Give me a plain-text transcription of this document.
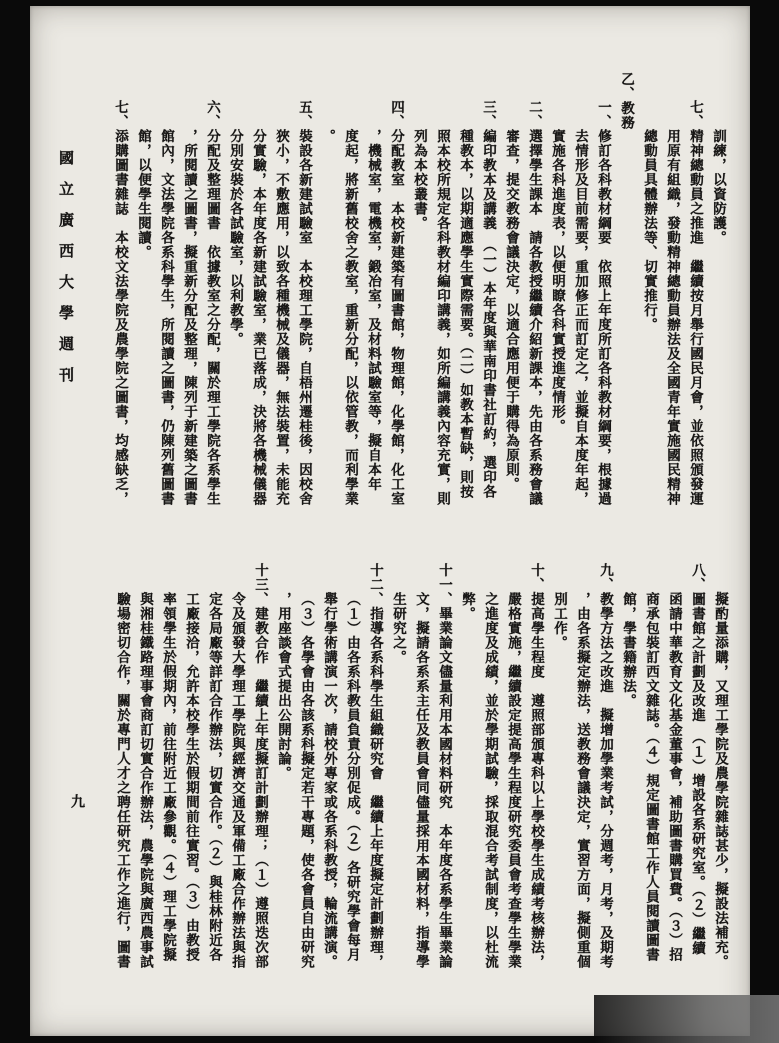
國立廣西大學週刊	訓練，以資防護。
七、精神總動員之推進　繼續按月舉行國民月會，並依照頒發運
用原有組織，發動精神總動員辦法及全國青年實施國民精神
總動員具體辦法等、切實推行。
乙、教務
一、修訂各科教材綱要　依照上年度所訂各科教材綱要，根據過
去情形及目前需要，重加修正而訂定之，並擬自本度年起，
實施各科進度表，以便明瞭各科實授進度情形。
二、選擇學生課本　請各教授繼續介紹新課本，先由各系務會議
審查，提交教務會議決定，以適合應用便于購得為原則。
三、編印教本及講義　（一）本年度與華南印書社訂約，選印各
種教本，以期適應學生實際需要。（二）如教本暫缺，則按
照本校所規定各科教材編印講義，如所編講義內容充實，則
列為本校叢書。
四、分配教室　本校新建築有圖書館，物理館，化學館，化工室
，機械室，電機室，鍛冶室，及材料試驗室等，擬自本年
度起，將新舊校舍之教室，重新分配，以依管教，而利學業
。
五、裝設各新建試驗室　本校理工學院，自梧州遷桂後，因校舍
狹小，不敷應用，以致各種機械及儀器，無法裝置，未能充
分實驗，本年度各新建試驗室，業已落成，決將各機械儀器
分別安裝於各試驗室，以利教學。
六、分配及整理圖書　依據教室之分配，關於理工學院各系學生
，所閱讀之圖書，擬重新分配及整理，陳列于新建築之圖書
館內，文法學院各系科學生，所閱讀之圖書，仍陳列舊圖書
館，以便學生閱讀。
七、添購圖書雜誌　本校文法學院及農學院之圖書，均感缺乏，
擬酌量添購，又理工學院及農學院雜誌甚少，擬設法補充。
八、圖書館之計劃及改進　（１）增設各系研究室。（２）繼續
函請中華教育文化基金董事會，補助圖書購買費。（３）招
商承包裝訂西文雜誌。（４）規定圖書館工作人員閱讀圖書
館，學書籍辦法。
九、教學方法之改進　擬增加學業考試，分週考，月考，及期考
，由各系擬定辦法，送教務會議決定，實習方面，擬側重個
別工作。
十、提高學生程度　遵照部頒專科以上學校學生成績考核辦法，
嚴格實施，繼續設定提高學生程度研究委員會考查學生學業
之進度及成績，並於學期試驗，採取混合考試制度，以杜流
弊。
十一、畢業論文儘量利用本國材料研究　本年度各系學生畢業論
文，擬請各系系主任及教員會同儘量採用本國材料，指導學
生研究之。
十二、指導各系科學生組織研究會　繼續上年度擬定計劃辦理，
（１）由各系科教員負責分別促成。（２）各研究學會每月
舉行學術講演一次，請校外專家或各系科教授，輪流講演。
（３）各學會由各該系科擬定若干專題，使各會員自由研究
，用座談會式提出公開討論。
十三、建教合作　繼續上年度擬訂計劃辦理；（１）遵照迭次部
令及頒發大學理工學院與經濟交通及軍備工廠合作辦法與指
定各局廠等詳訂合作辦法，切實合作。（２）與桂林附近各
工廠接洽，允許本校學生於假期間前往實習。（３）由教授
率領學生於假期內，前往附近工廠參觀。（４）理工學院擬
與湘桂鐵路理事會商訂切實合作辦法，農學院與廣西農事試
驗場密切合作，關於專門人才之聘任研究工作之進行，圖書
九
